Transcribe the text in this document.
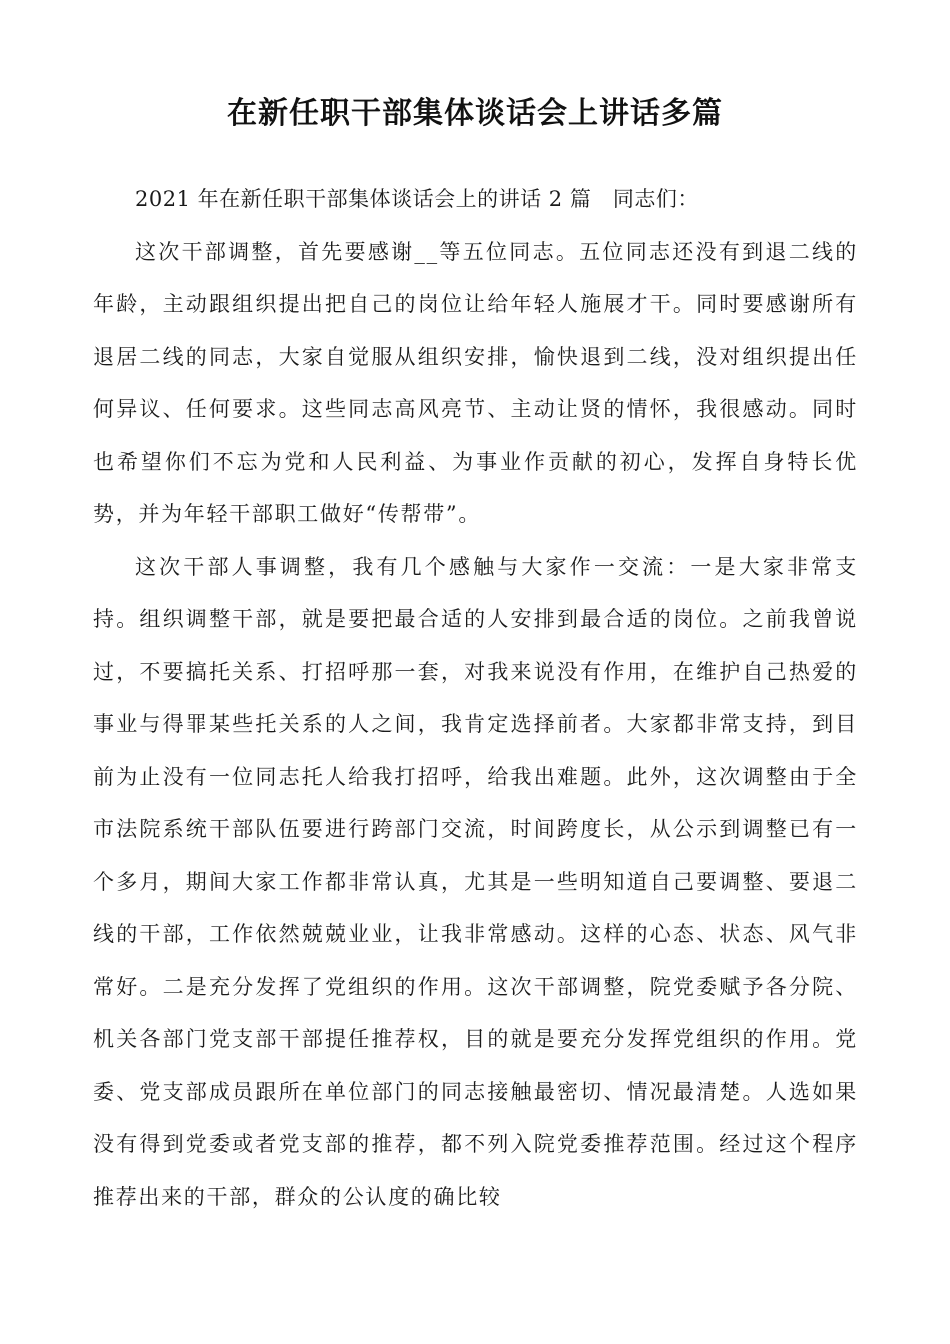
在新任职干部集体谈话会上讲话多篇

2021 年在新任职干部集体谈话会上的讲话 2 篇　同志们：

这次干部调整，首先要感谢__等五位同志。五位同志还没有到退二线的年龄，主动跟组织提出把自己的岗位让给年轻人施展才干。同时要感谢所有退居二线的同志，大家自觉服从组织安排，愉快退到二线，没对组织提出任何异议、任何要求。这些同志高风亮节、主动让贤的情怀，我很感动。同时也希望你们不忘为党和人民利益、为事业作贡献的初心，发挥自身特长优势，并为年轻干部职工做好“传帮带”。

这次干部人事调整，我有几个感触与大家作一交流：一是大家非常支持。组织调整干部，就是要把最合适的人安排到最合适的岗位。之前我曾说过，不要搞托关系、打招呼那一套，对我来说没有作用，在维护自己热爱的事业与得罪某些托关系的人之间，我肯定选择前者。大家都非常支持，到目前为止没有一位同志托人给我打招呼，给我出难题。此外，这次调整由于全市法院系统干部队伍要进行跨部门交流，时间跨度长，从公示到调整已有一个多月，期间大家工作都非常认真，尤其是一些明知道自己要调整、要退二线的干部，工作依然兢兢业业，让我非常感动。这样的心态、状态、风气非常好。二是充分发挥了党组织的作用。这次干部调整，院党委赋予各分院、机关各部门党支部干部提任推荐权，目的就是要充分发挥党组织的作用。党委、党支部成员跟所在单位部门的同志接触最密切、情况最清楚。人选如果没有得到党委或者党支部的推荐，都不列入院党委推荐范围。经过这个程序推荐出来的干部，群众的公认度的确比较
